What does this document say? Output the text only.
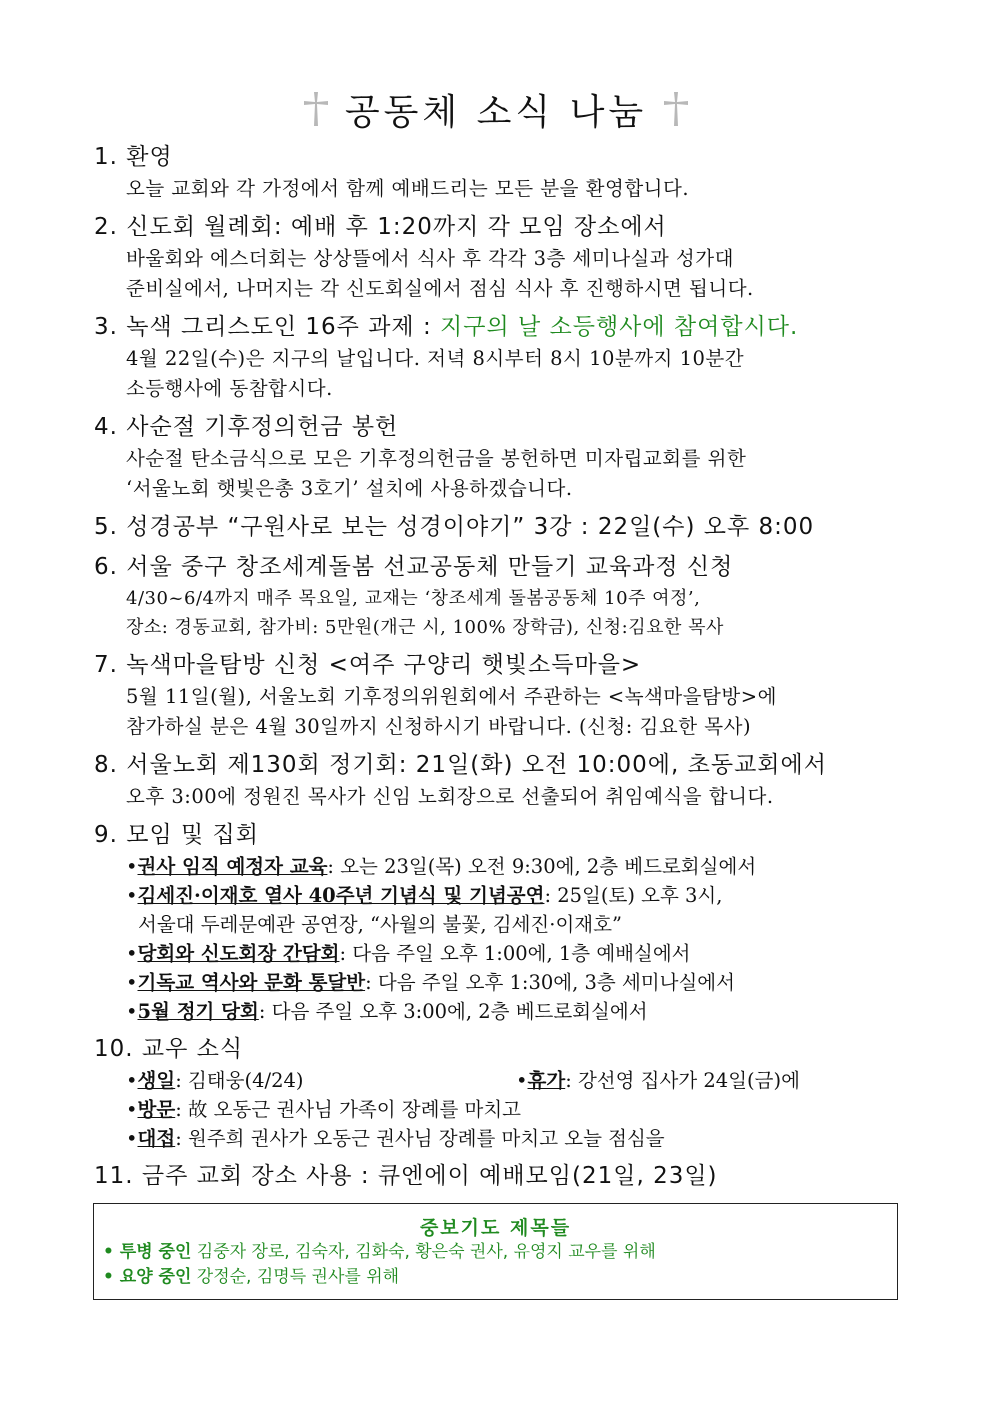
공동체 소식 나눔
1. 환영
오늘 교회와 각 가정에서 함께 예배드리는 모든 분을 환영합니다.
2. 신도회 월례회: 예배 후 1:20까지 각 모임 장소에서
바울회와 에스더회는 상상뜰에서 식사 후 각각 3층 세미나실과 성가대
준비실에서, 나머지는 각 신도회실에서 점심 식사 후 진행하시면 됩니다.
3. 녹색 그리스도인 16주 과제 : 지구의 날 소등행사에 참여합시다.
4월 22일(수)은 지구의 날입니다. 저녁 8시부터 8시 10분까지 10분간
소등행사에 동참합시다.
4. 사순절 기후정의헌금 봉헌
사순절 탄소금식으로 모은 기후정의헌금을 봉헌하면 미자립교회를 위한
‘서울노회 햇빛은총 3호기’ 설치에 사용하겠습니다.
5. 성경공부 “구원사로 보는 성경이야기” 3강 : 22일(수) 오후 8:00
6. 서울 중구 창조세계돌봄 선교공동체 만들기 교육과정 신청
4/30~6/4까지 매주 목요일, 교재는 ‘창조세계 돌봄공동체 10주 여정’,
장소: 경동교회, 참가비: 5만원(개근 시, 100% 장학금), 신청:김요한 목사
7. 녹색마을탐방 신청 <여주 구양리 햇빛소득마을>
5월 11일(월), 서울노회 기후정의위원회에서 주관하는 <녹색마을탐방>에
참가하실 분은 4월 30일까지 신청하시기 바랍니다. (신청: 김요한 목사)
8. 서울노회 제130회 정기회: 21일(화) 오전 10:00에, 초동교회에서
오후 3:00에 정원진 목사가 신임 노회장으로 선출되어 취임예식을 합니다.
9. 모임 및 집회
•권사 임직 예정자 교육: 오는 23일(목) 오전 9:30에, 2층 베드로회실에서
•김세진·이재호 열사 40주년 기념식 및 기념공연: 25일(토) 오후 3시,
서울대 두레문예관 공연장, “사월의 불꽃, 김세진·이재호”
•당회와 신도회장 간담회: 다음 주일 오후 1:00에, 1층 예배실에서
•기독교 역사와 문화 통달반: 다음 주일 오후 1:30에, 3층 세미나실에서
•5월 정기 당회: 다음 주일 오후 3:00에, 2층 베드로회실에서
10. 교우 소식
•생일: 김태웅(4/24)	•휴가: 강선영 집사가 24일(금)에
•방문: 故 오동근 권사님 가족이 장례를 마치고
•대접: 원주희 권사가 오동근 권사님 장례를 마치고 오늘 점심을
11. 금주 교회 장소 사용 : 큐엔에이 예배모임(21일, 23일)
중보기도 제목들
• 투병 중인 김중자 장로, 김숙자, 김화숙, 황은숙 권사, 유영지 교우를 위해
• 요양 중인 강정순, 김명득 권사를 위해
